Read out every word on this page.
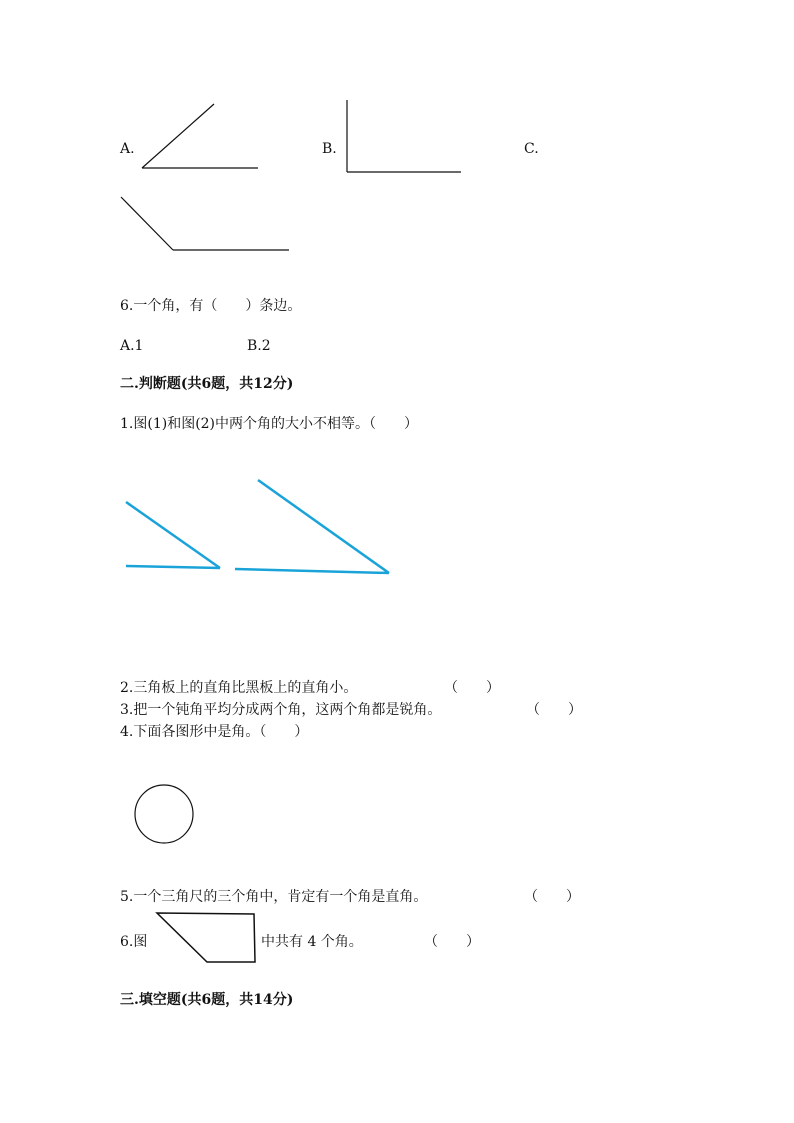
A.	B.	C.
6.一个角，有（　　）条边。
A.1	B.2
二.判断题(共6题，共12分)
1.图(1)和图(2)中两个角的大小不相等。（　　）
2.三角板上的直角比黑板上的直角小。	（　　）
3.把一个钝角平均分成两个角，这两个角都是锐角。	（　　）
4.下面各图形中是角。（　　）
5.一个三角尺的三个角中，肯定有一个角是直角。	（　　）
6.图	中共有 4 个角。	（　　）
三.填空题(共6题，共14分)
